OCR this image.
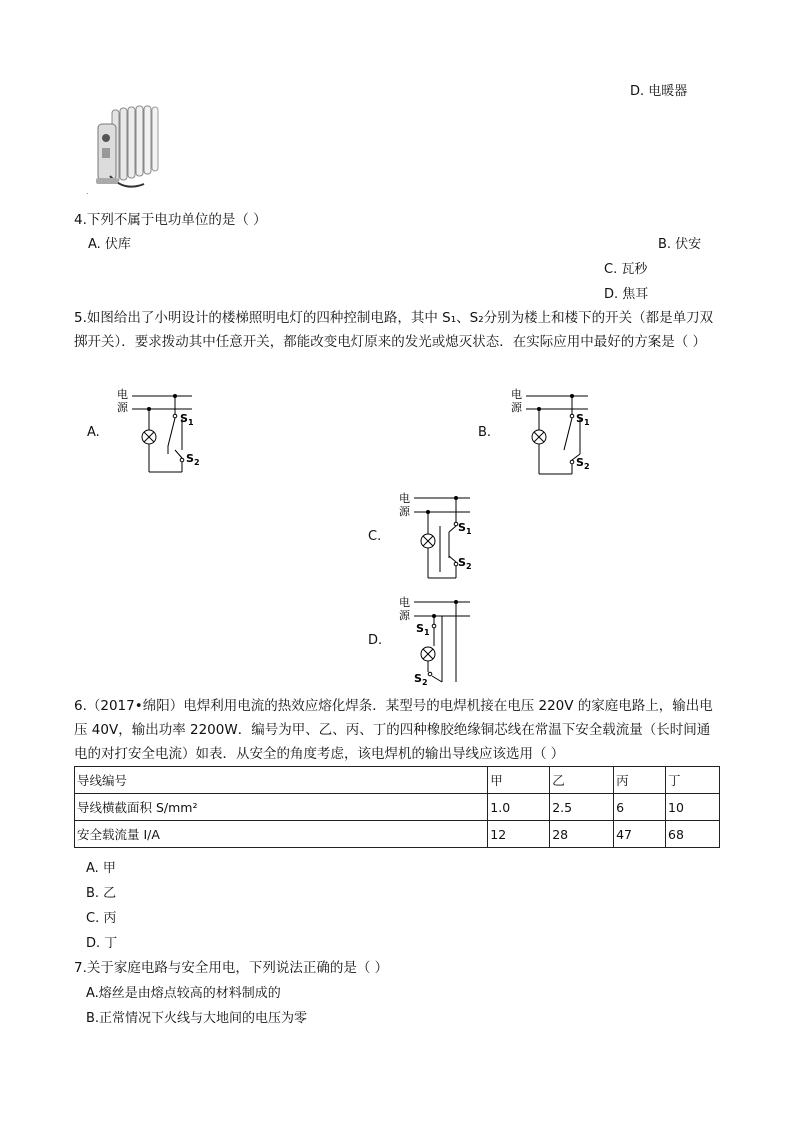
D. 电暖器
.
4.下列不属于电功单位的是（ ）
A. 伏库	B. 伏安
C. 瓦秒
D. 焦耳
5.如图给出了小明设计的楼梯照明电灯的四种控制电路，其中 S₁、S₂分别为楼上和楼下的开关（都是单刀双掷开关）．要求拨动其中任意开关，都能改变电灯原来的发光或熄灭状态．在实际应用中最好的方案是（ ）
A.
电
源
S 1
S 2
B.
电
源
S 1
S 2
C.
电
源
S 1
S 2
D.
电
源
S 1
S 2
6.（2017•绵阳）电焊利用电流的热效应熔化焊条．某型号的电焊机接在电压 220V 的家庭电路上，输出电压 40V，输出功率 2200W．编号为甲、乙、丙、丁的四种橡胶绝缘铜芯线在常温下安全载流量（长时间通电的对打安全电流）如表．从安全的角度考虑，该电焊机的输出导线应该选用（ ）
导线编号	甲	乙	丙	丁
导线横截面积 S/mm²	1.0	2.5	6	10
安全载流量 I/A	12	28	47	68
A. 甲
B. 乙
C. 丙
D. 丁
7.关于家庭电路与安全用电，下列说法正确的是（ ）
A.熔丝是由熔点较高的材料制成的
B.正常情况下火线与大地间的电压为零
